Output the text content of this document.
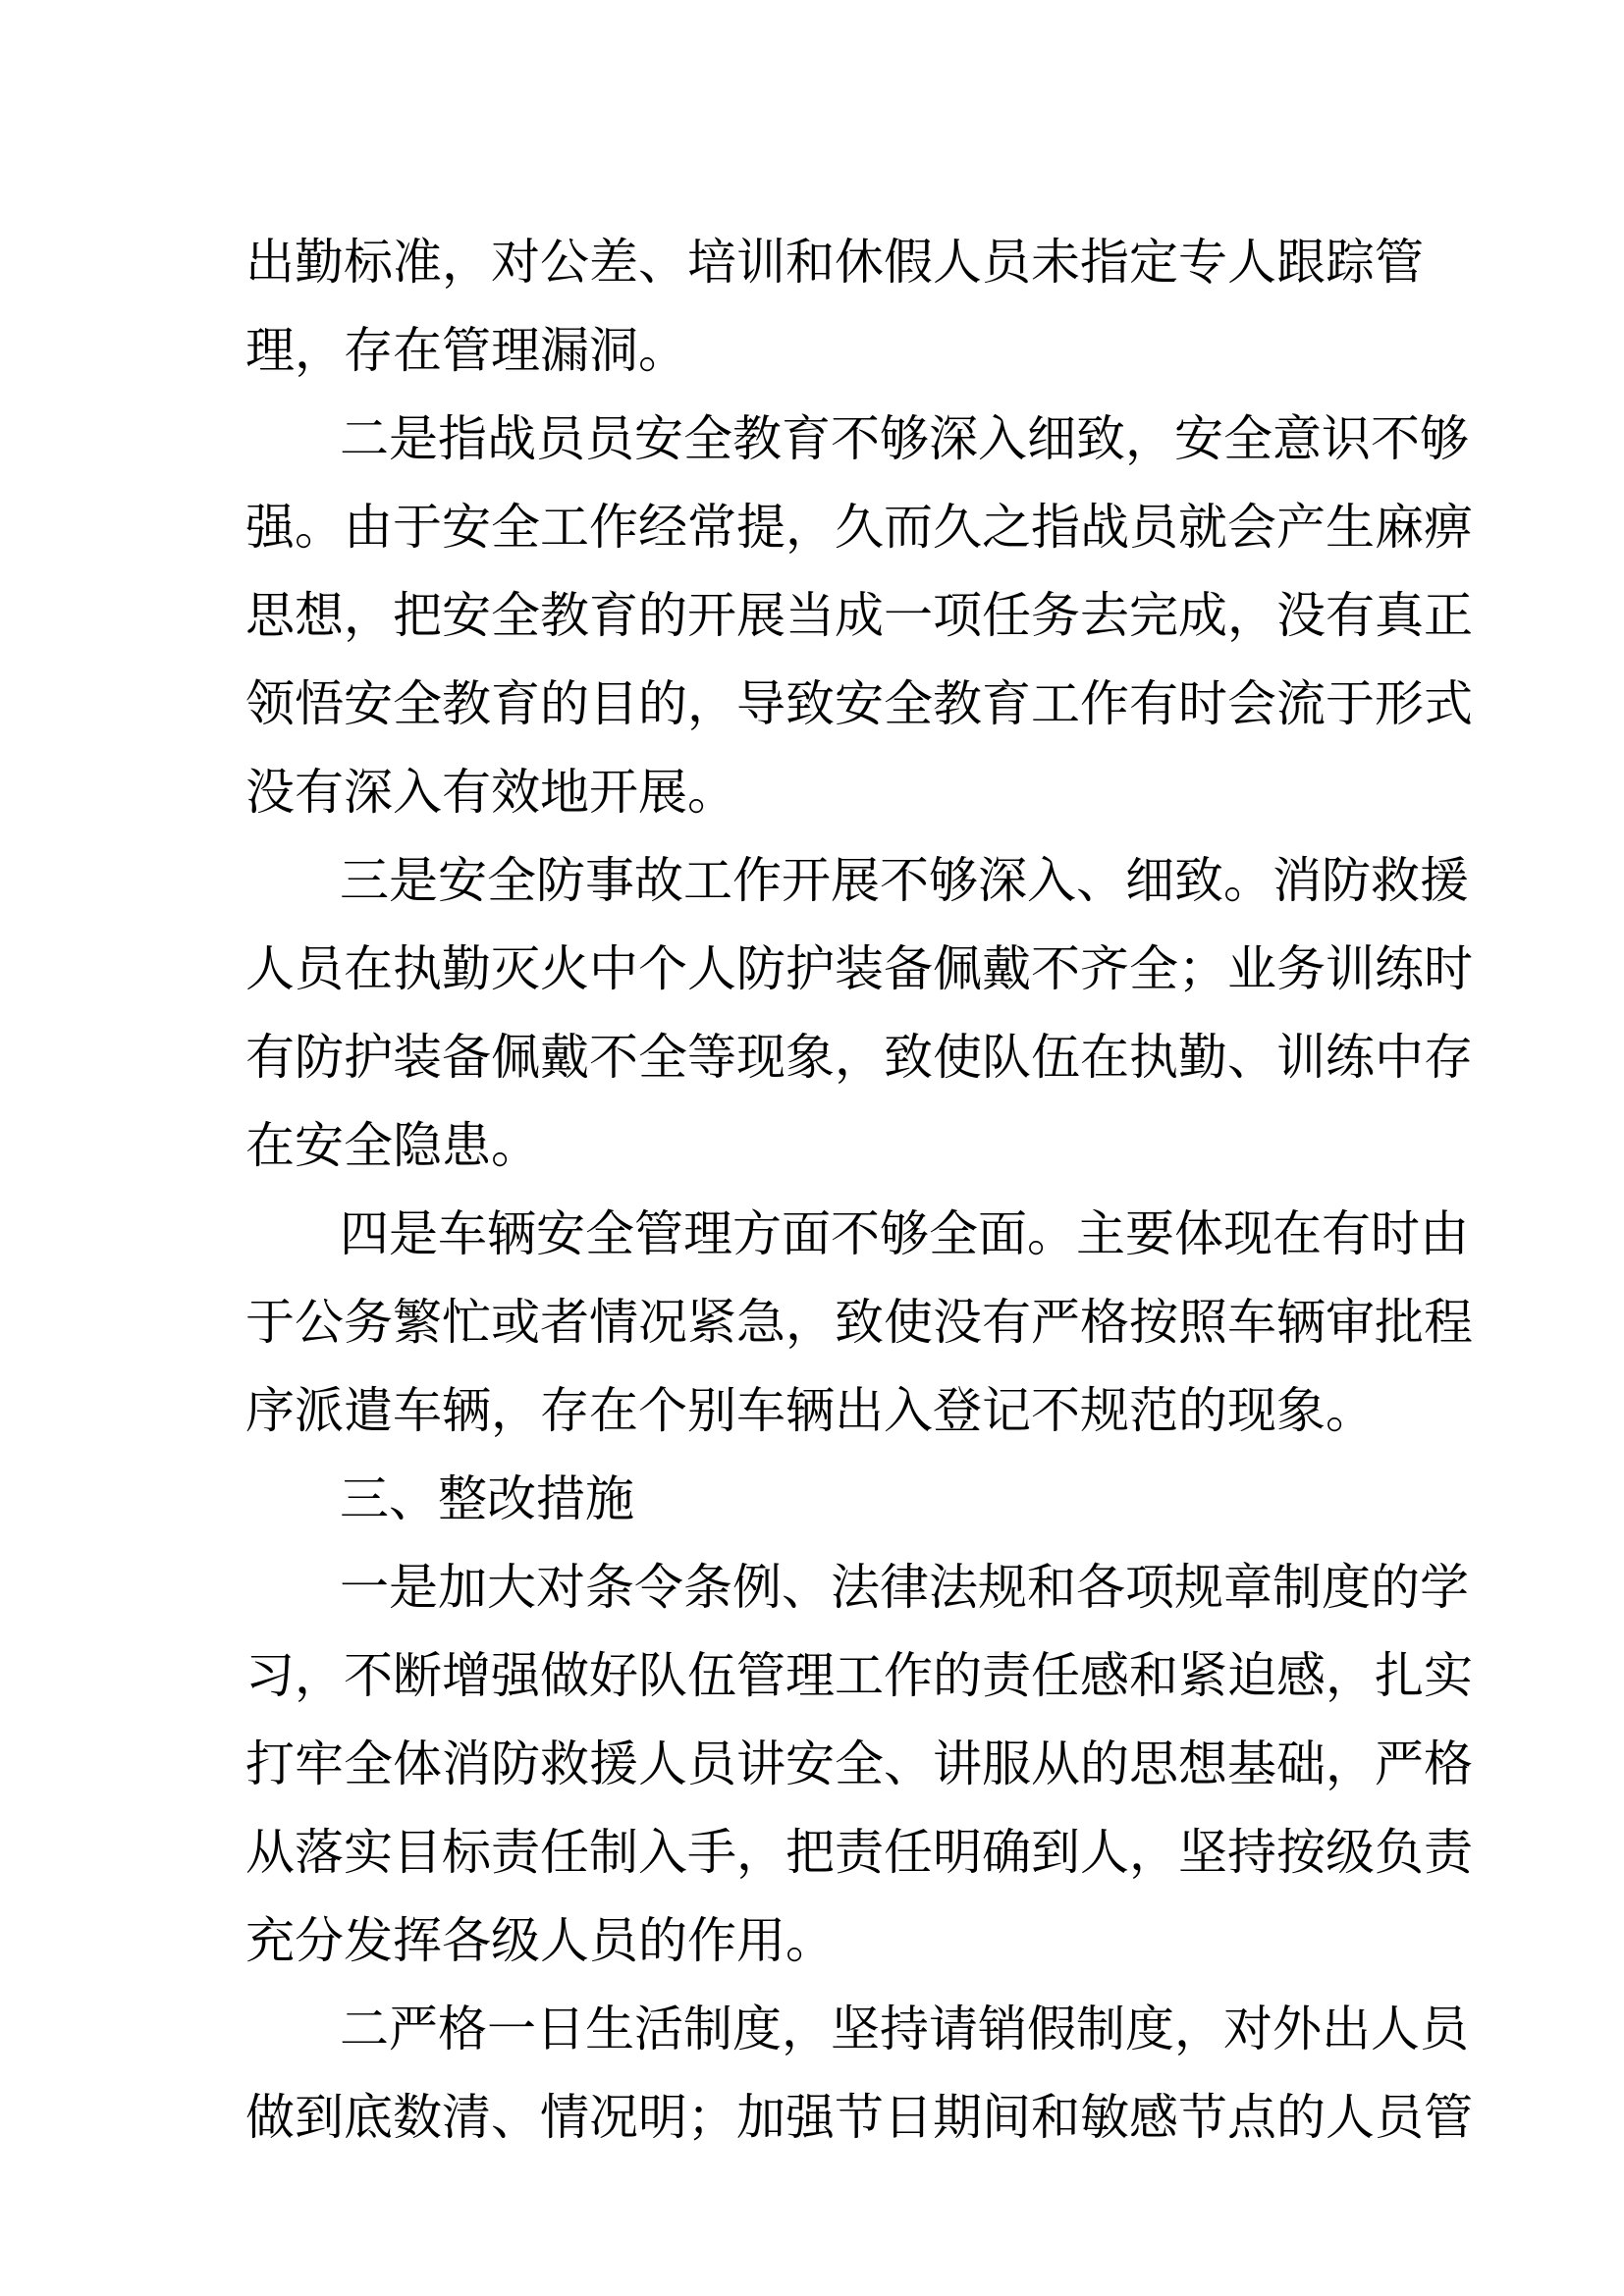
出勤标准，对公差、培训和休假人员未指定专人跟踪管
理，存在管理漏洞。
二是指战员员安全教育不够深入细致，安全意识不够
强。由于安全工作经常提，久而久之指战员就会产生麻痹
思想，把安全教育的开展当成一项任务去完成，没有真正
领悟安全教育的目的，导致安全教育工作有时会流于形式
没有深入有效地开展。
三是安全防事故工作开展不够深入、细致。消防救援
人员在执勤灭火中个人防护装备佩戴不齐全；业务训练时
有防护装备佩戴不全等现象，致使队伍在执勤、训练中存
在安全隐患。
四是车辆安全管理方面不够全面。主要体现在有时由
于公务繁忙或者情况紧急，致使没有严格按照车辆审批程
序派遣车辆，存在个别车辆出入登记不规范的现象。
三、整改措施
一是加大对条令条例、法律法规和各项规章制度的学
习，不断增强做好队伍管理工作的责任感和紧迫感，扎实
打牢全体消防救援人员讲安全、讲服从的思想基础，严格
从落实目标责任制入手，把责任明确到人，坚持按级负责
充分发挥各级人员的作用。
二严格一日生活制度，坚持请销假制度，对外出人员
做到底数清、情况明；加强节日期间和敏感节点的人员管
